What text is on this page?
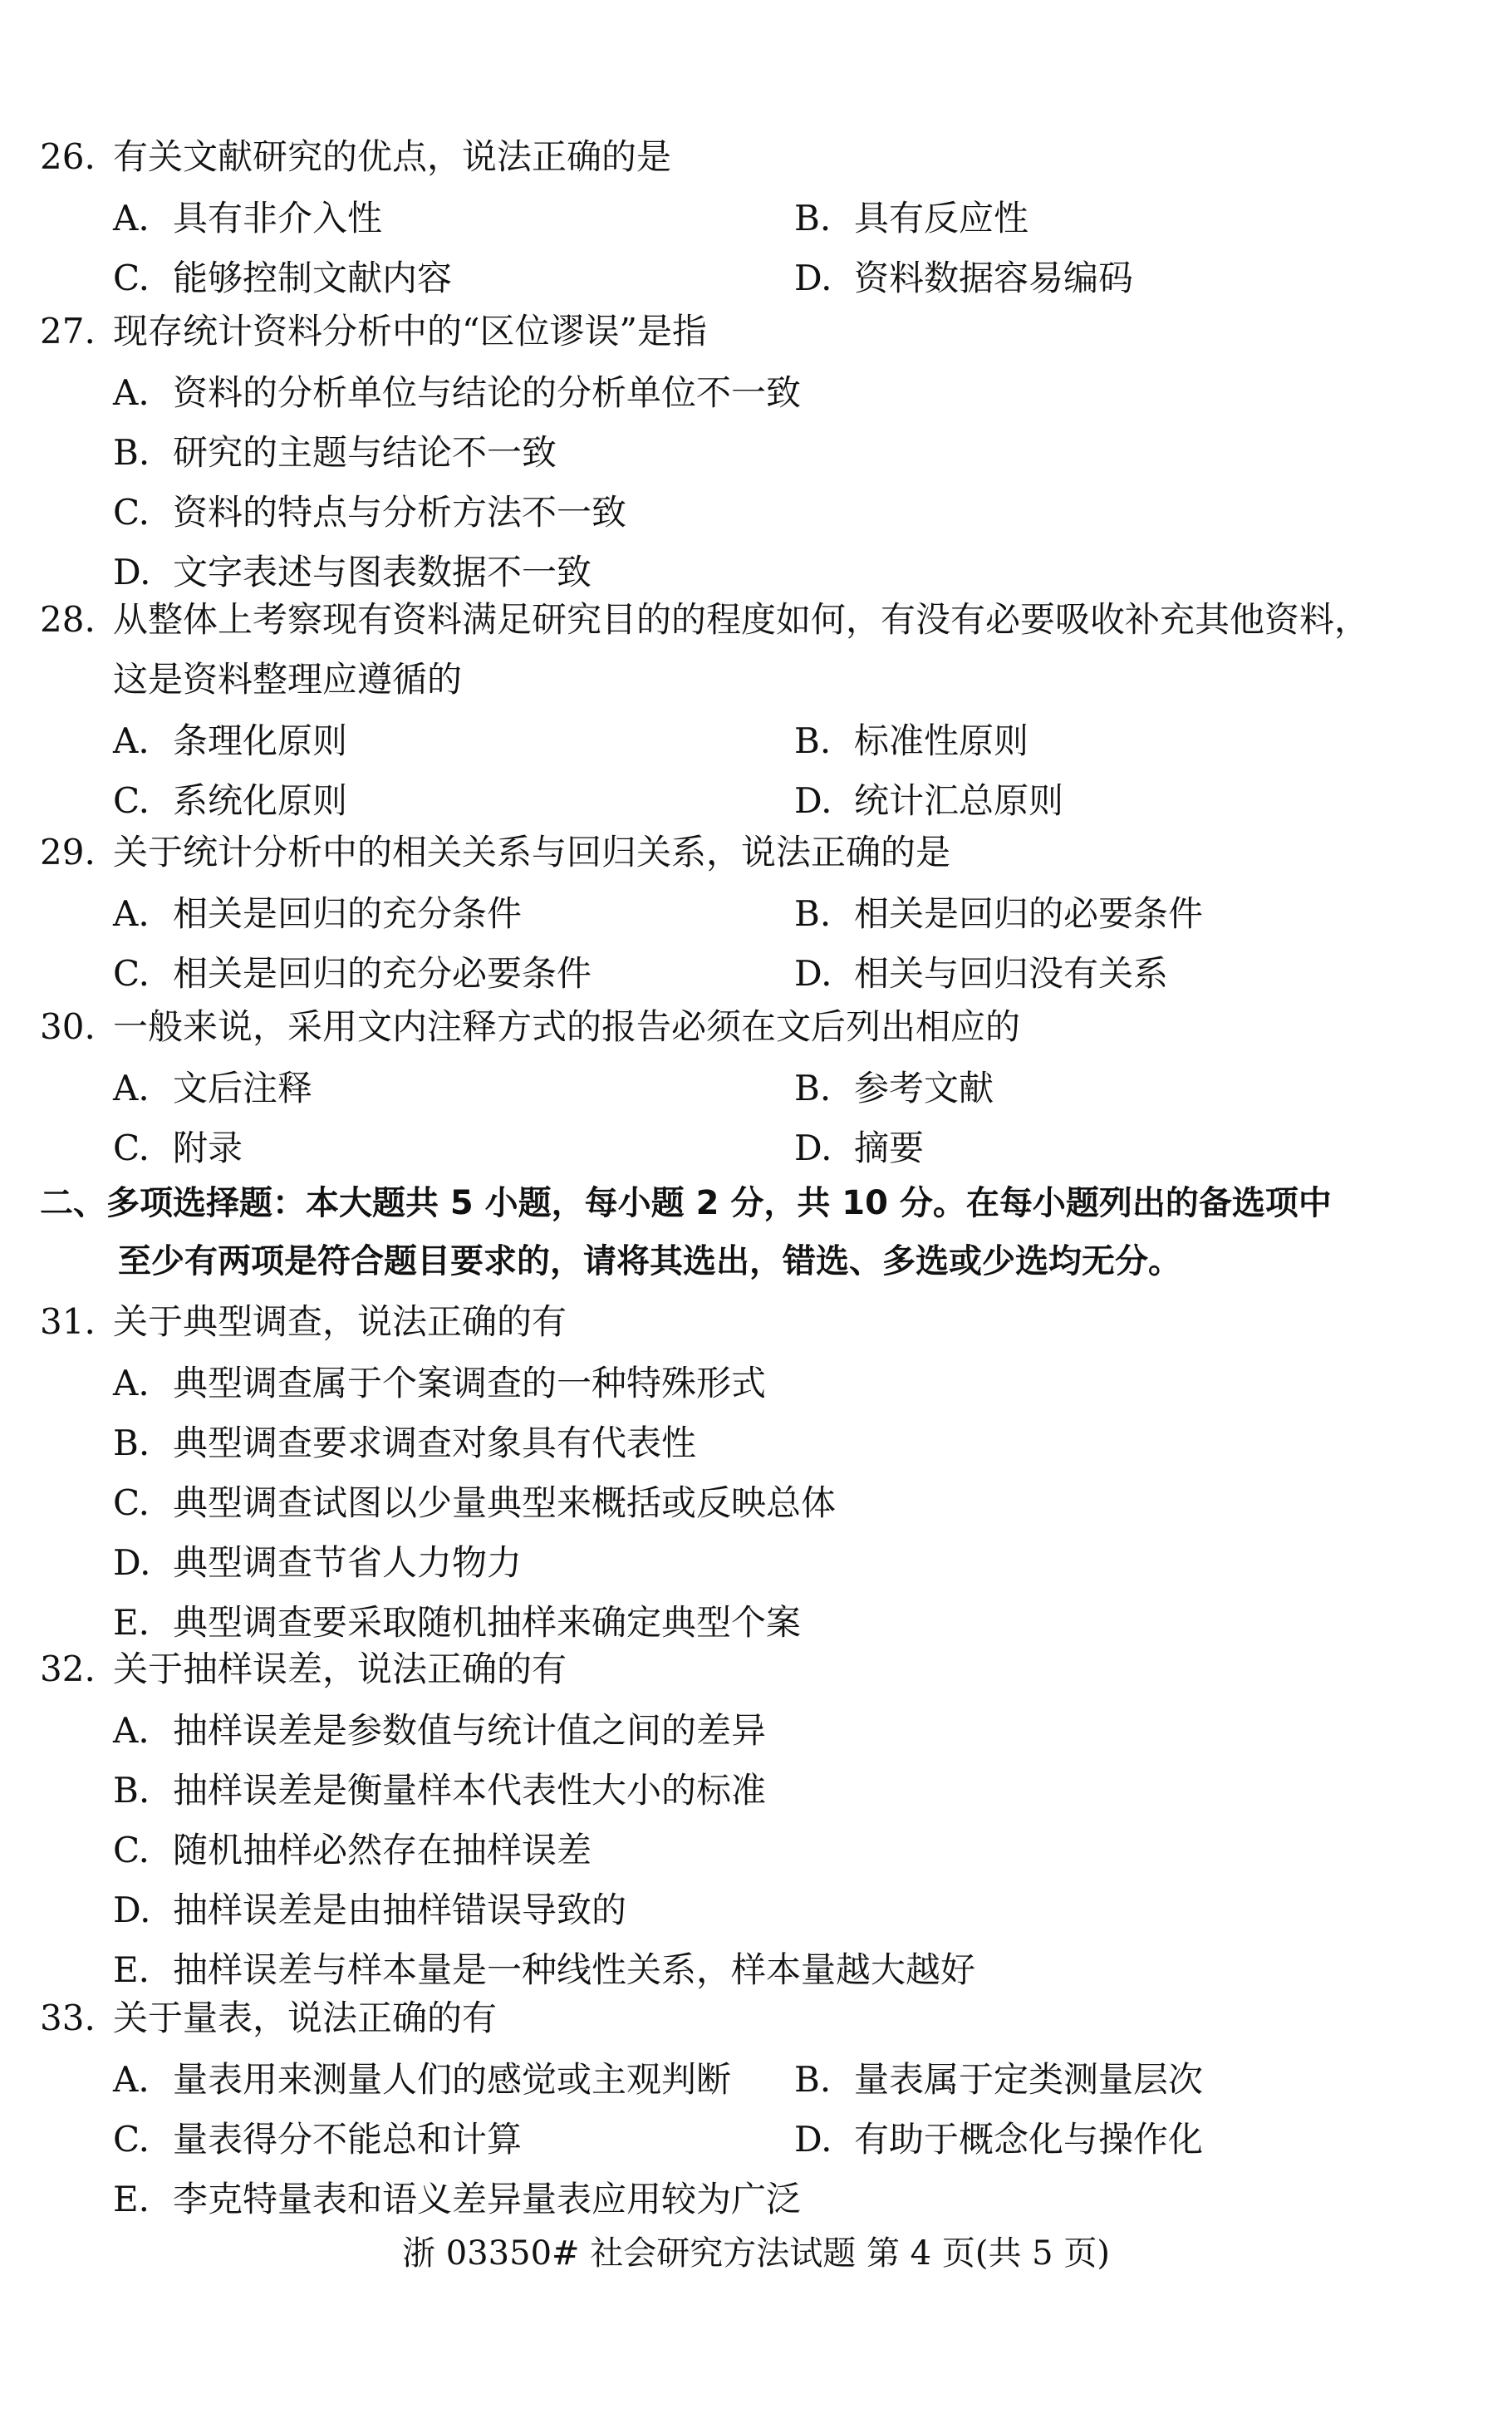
26. 有关文献研究的优点，说法正确的是
A. 具有非介入性	B. 具有反应性
C. 能够控制文献内容	D. 资料数据容易编码
27. 现存统计资料分析中的“区位谬误”是指
A. 资料的分析单位与结论的分析单位不一致
B. 研究的主题与结论不一致
C. 资料的特点与分析方法不一致
D. 文字表述与图表数据不一致
28. 从整体上考察现有资料满足研究目的的程度如何，有没有必要吸收补充其他资料，
这是资料整理应遵循的
A. 条理化原则	B. 标准性原则
C. 系统化原则	D. 统计汇总原则
29. 关于统计分析中的相关关系与回归关系，说法正确的是
A. 相关是回归的充分条件	B. 相关是回归的必要条件
C. 相关是回归的充分必要条件	D. 相关与回归没有关系
30. 一般来说，采用文内注释方式的报告必须在文后列出相应的
A. 文后注释	B. 参考文献
C. 附录	D. 摘要
二、多项选择题：本大题共 5 小题，每小题 2 分，共 10 分。在每小题列出的备选项中
至少有两项是符合题目要求的，请将其选出，错选、多选或少选均无分。
31. 关于典型调查，说法正确的有
A. 典型调查属于个案调查的一种特殊形式
B. 典型调查要求调查对象具有代表性
C. 典型调查试图以少量典型来概括或反映总体
D. 典型调查节省人力物力
E. 典型调查要采取随机抽样来确定典型个案
32. 关于抽样误差，说法正确的有
A. 抽样误差是参数值与统计值之间的差异
B. 抽样误差是衡量样本代表性大小的标准
C. 随机抽样必然存在抽样误差
D. 抽样误差是由抽样错误导致的
E. 抽样误差与样本量是一种线性关系，样本量越大越好
33. 关于量表，说法正确的有
A. 量表用来测量人们的感觉或主观判断	B. 量表属于定类测量层次
C. 量表得分不能总和计算	D. 有助于概念化与操作化
E. 李克特量表和语义差异量表应用较为广泛
浙 03350# 社会研究方法试题 第 4 页(共 5 页)
